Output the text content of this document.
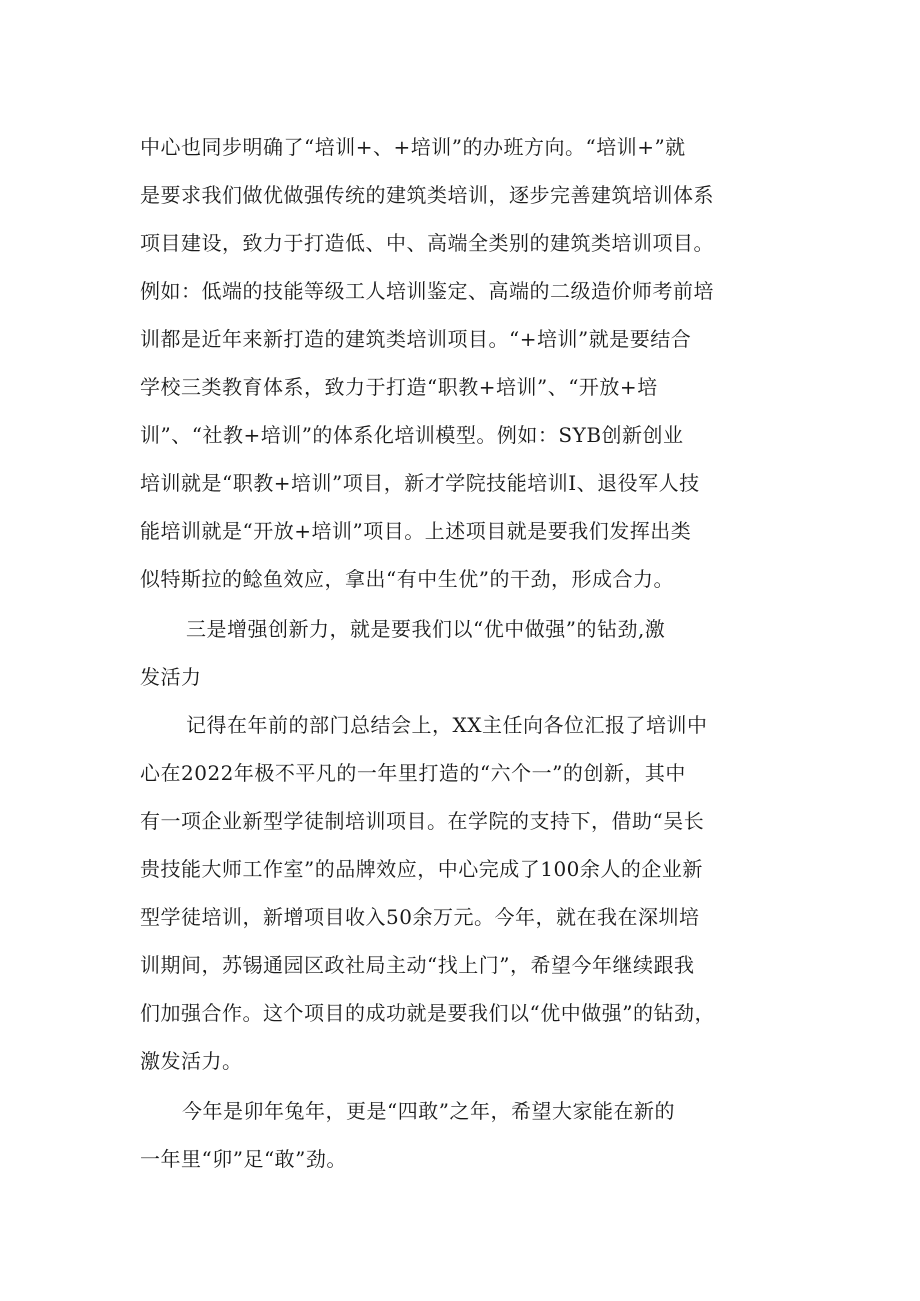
中心也同步明确了“培训+、+培训”的办班方向。“培训+”就
是要求我们做优做强传统的建筑类培训，逐步完善建筑培训体系
项目建设，致力于打造低、中、高端全类别的建筑类培训项目。
例如：低端的技能等级工人培训鉴定、高端的二级造价师考前培
训都是近年来新打造的建筑类培训项目。“+培训”就是要结合
学校三类教育体系，致力于打造“职教+培训”、“开放+培
训”、“社教+培训”的体系化培训模型。例如：SYB创新创业
培训就是“职教+培训”项目，新才学院技能培训I、退役军人技
能培训就是“开放+培训”项目。上述项目就是要我们发挥出类
似特斯拉的鲶鱼效应，拿出“有中生优”的干劲，形成合力。
三是增强创新力，就是要我们以“优中做强”的钻劲,激
发活力
记得在年前的部门总结会上，XX主任向各位汇报了培训中
心在2022年极不平凡的一年里打造的“六个一”的创新，其中
有一项企业新型学徒制培训项目。在学院的支持下，借助“吴长
贵技能大师工作室”的品牌效应，中心完成了100余人的企业新
型学徒培训，新增项目收入50余万元。今年，就在我在深圳培
训期间，苏锡通园区政社局主动“找上门”，希望今年继续跟我
们加强合作。这个项目的成功就是要我们以“优中做强”的钻劲，
激发活力。
今年是卯年兔年，更是“四敢”之年，希望大家能在新的
一年里“卯”足“敢”劲。
